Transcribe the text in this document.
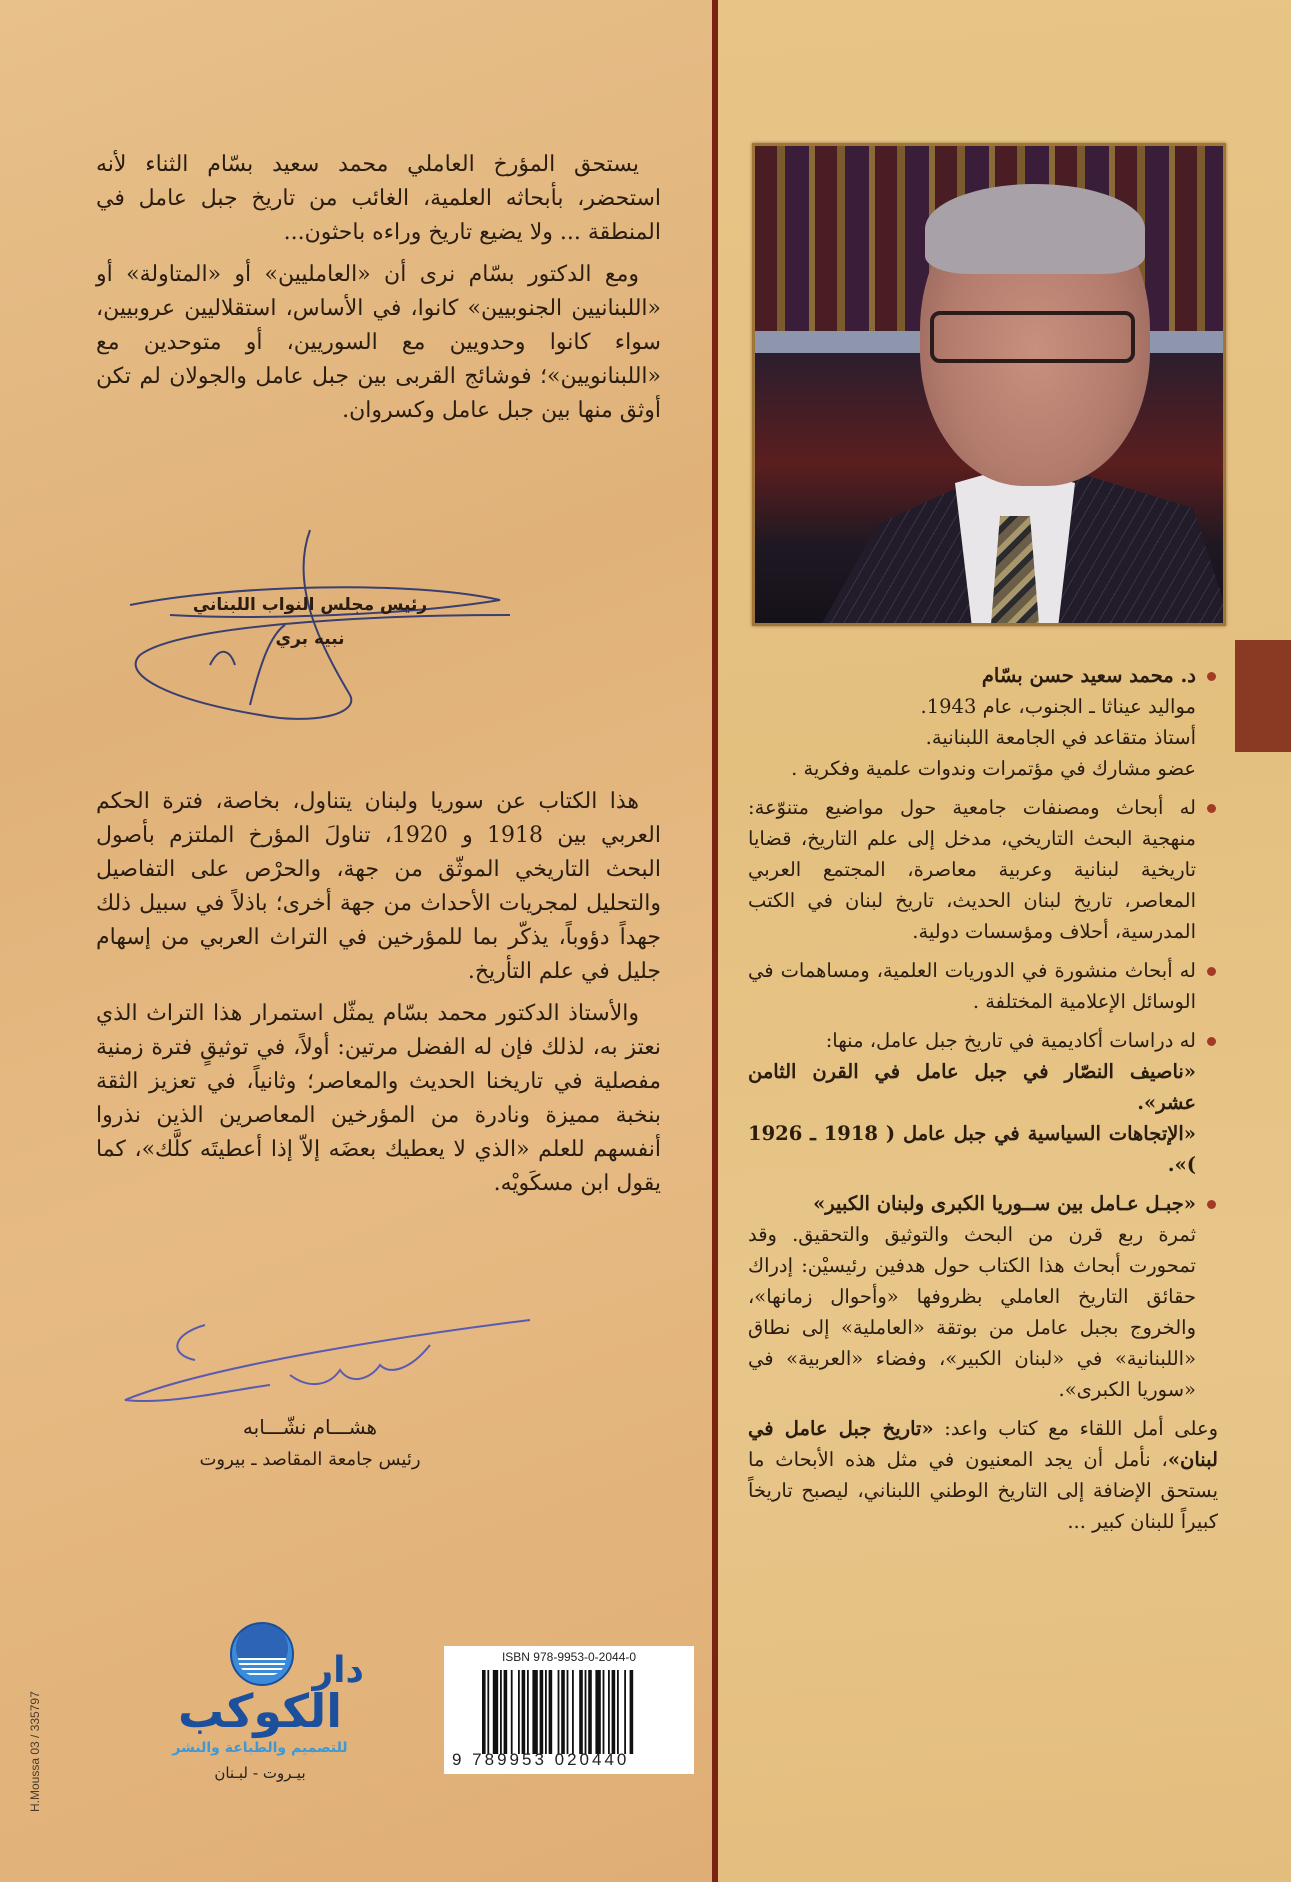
يستحق المؤرخ العاملي محمد سعيد بسّام الثناء لأنه استحضر، بأبحاثه العلمية، الغائب من تاريخ جبل عامل في المنطقة ... ولا يضيع تاريخ وراءه باحثون...

ومع الدكتور بسّام نرى أن «العامليين» أو «المتاولة» أو «اللبنانيين الجنوبيين» كانوا، في الأساس، استقلاليين عروبيين، سواء كانوا وحدويين مع السوريين، أو متوحدين مع «اللبنانويين»؛ فوشائج القربى بين جبل عامل والجولان لم تكن أوثق منها بين جبل عامل وكسروان.

رئيس مجلس النواب اللبناني
نبيه بري

هذا الكتاب عن سوريا ولبنان يتناول، بخاصة، فترة الحكم العربي بين 1918 و 1920، تناولَ المؤرخ الملتزم بأصول البحث التاريخي الموثّق من جهة، والحرْص على التفاصيل والتحليل لمجريات الأحداث من جهة أخرى؛ باذلاً في سبيل ذلك جهداً دؤوباً، يذكّر بما للمؤرخين في التراث العربي من إسهام جليل في علم التأريخ.

والأستاذ الدكتور محمد بسّام يمثّل استمرار هذا التراث الذي نعتز به، لذلك فإن له الفضل مرتين: أولاً، في توثيقٍ فترة زمنية مفصلية في تاريخنا الحديث والمعاصر؛ وثانياً، في تعزيز الثقة بنخبة مميزة ونادرة من المؤرخين المعاصرين الذين نذروا أنفسهم للعلم «الذي لا يعطيك بعضَه إلاّ إذا أعطيتَه كلَّك»، كما يقول ابن مسكَويْه.

هشـــام نشّـــابه
رئيس جامعة المقاصد ـ بيروت
دار
الكوكب
للتصميم والطباعة والنشر
بيـروت - لبـنان
ISBN 978-9953-0-2044-0
9 789953 020440
H.Moussa 03 / 335797
د. محمد سعيد حسن بسّام
مواليد عيناثا ـ الجنوب، عام 1943.
أستاذ متقاعد في الجامعة اللبنانية.
عضو مشارك في مؤتمرات وندوات علمية وفكرية .
له أبحاث ومصنفات جامعية حول مواضيع متنوّعة: منهجية البحث التاريخي، مدخل إلى علم التاريخ، قضايا تاريخية لبنانية وعربية معاصرة، المجتمع العربي المعاصر، تاريخ لبنان الحديث، تاريخ لبنان في الكتب المدرسية، أحلاف ومؤسسات دولية.
له أبحاث منشورة في الدوريات العلمية، ومساهمات في الوسائل الإعلامية المختلفة .
له دراسات أكاديمية في تاريخ جبل عامل، منها:
«ناصيف النصّار في جبل عامل في القرن الثامن عشر».
«الإتجاهات السياسية في جبل عامل ( 1918 ـ 1926 )».
«جبـل عـامل بين ســوريا الكبرى ولبنان الكبير»
ثمرة ربع قرن من البحث والتوثيق والتحقيق. وقد تمحورت أبحاث هذا الكتاب حول هدفين رئيسيْن: إدراك حقائق التاريخ العاملي بظروفها «وأحوال زمانها»، والخروج بجبل عامل من بوتقة «العاملية» إلى نطاق «اللبنانية» في «لبنان الكبير»، وفضاء «العربية» في «سوريا الكبرى».
وعلى أمل اللقاء مع كتاب واعد: «تاريخ جبل عامل في لبنان»، نأمل أن يجد المعنيون في مثل هذه الأبحاث ما يستحق الإضافة إلى التاريخ الوطني اللبناني، ليصبح تاريخاً كبيراً للبنان كبير ...
